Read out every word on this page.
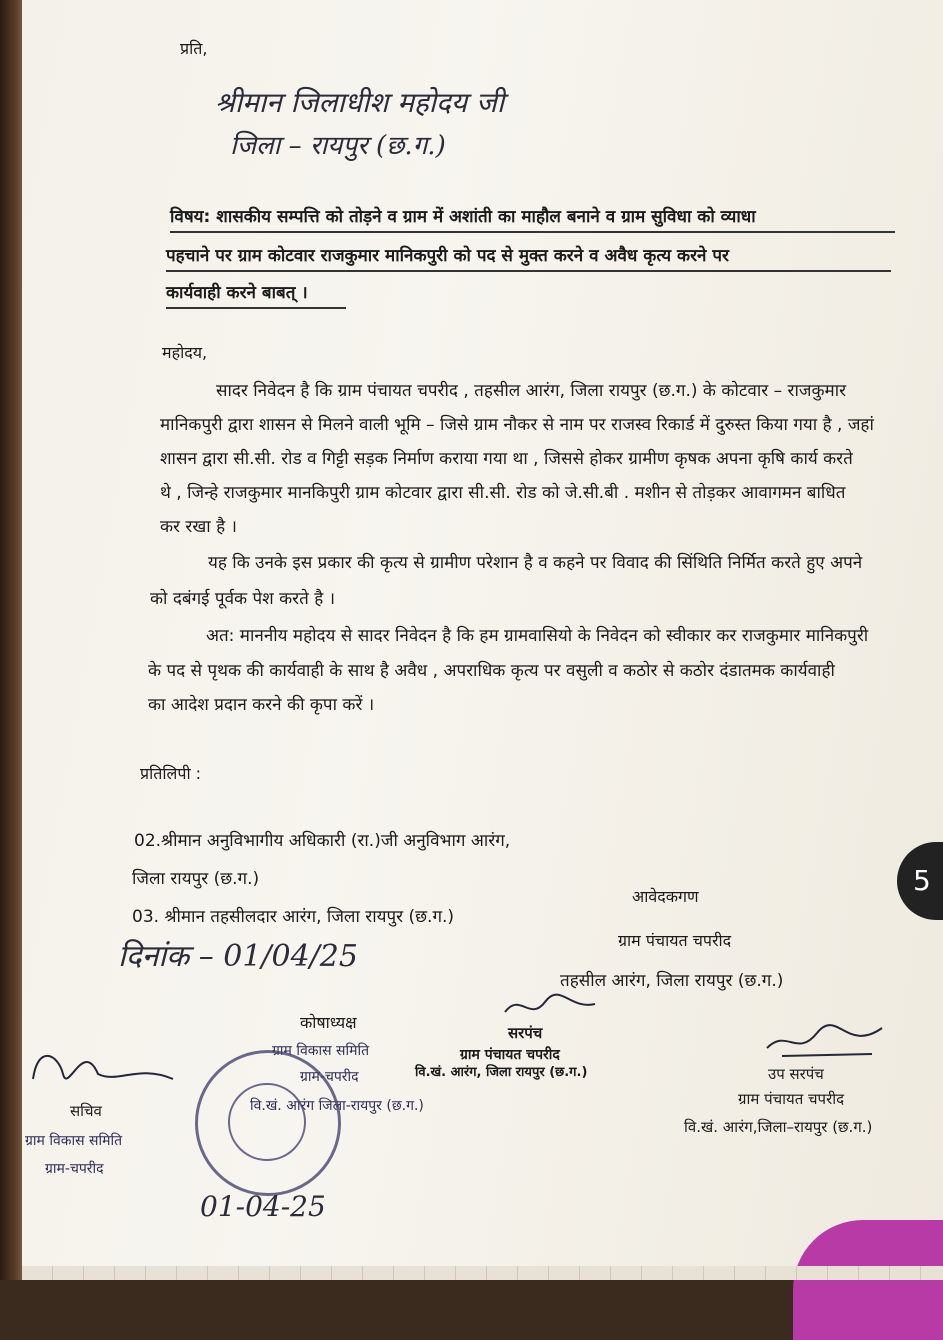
प्रति,
श्रीमान जिलाधीश महोदय जी
जिला – रायपुर (छ.ग.)
विषय: शासकीय सम्पत्ति को तोड़ने व ग्राम में अशांती का माहौल बनाने व ग्राम सुविधा को व्याधा
पहचाने पर ग्राम कोटवार राजकुमार मानिकपुरी को पद से मुक्त करने व अवैध कृत्य करने पर
कार्यवाही करने बाबत् ।
महोदय,
सादर निवेदन है कि ग्राम पंचायत चपरीद , तहसील आरंग, जिला रायपुर (छ.ग.) के कोटवार – राजकुमार
मानिकपुरी द्वारा शासन से मिलने वाली भूमि – जिसे ग्राम नौकर से नाम पर राजस्व रिकार्ड में दुरुस्त किया गया है , जहां
शासन द्वारा सी.सी. रोड व गिट्टी सड़क निर्माण कराया गया था , जिससे होकर ग्रामीण कृषक अपना कृषि कार्य करते
थे , जिन्हे राजकुमार मानकिपुरी ग्राम कोटवार द्वारा सी.सी. रोड को जे.सी.बी . मशीन से तोड़कर आवागमन बाधित
कर रखा है ।
यह कि उनके इस प्रकार की कृत्य से ग्रामीण परेशान है व कहने पर विवाद की सिंथिति निर्मित करते हुए अपने
को दबंगई पूर्वक पेश करते है ।
अत: माननीय महोदय से सादर निवेदन है कि हम ग्रामवासियो के निवेदन को स्वीकार कर राजकुमार मानिकपुरी
के पद से पृथक की कार्यवाही के साथ है अवैध , अपराधिक कृत्य पर वसुली व कठोर से कठोर दंडातमक कार्यवाही
का आदेश प्रदान करने की कृपा करें ।
प्रतिलिपी :
02.श्रीमान अनुविभागीय अधिकारी (रा.)जी अनुविभाग आरंग,
जिला रायपुर (छ.ग.)
03. श्रीमान तहसीलदार आरंग, जिला रायपुर (छ.ग.)
आवेदकगण
ग्राम पंचायत चपरीद
तहसील आरंग, जिला रायपुर (छ.ग.)
दिनांक – 01/04/25
कोषाध्यक्ष
ग्राम विकास समिति
ग्राम-चपरीद
वि.खं. आरंग जिला-रायपुर (छ.ग.)
सरपंच
ग्राम पंचायत चपरीद
वि.खं. आरंग, जिला रायपुर (छ.ग.)	उप सरपंच
ग्राम पंचायत चपरीद
वि.खं. आरंग,जिला–रायपुर (छ.ग.)
सचिव
ग्राम विकास समिति
ग्राम-चपरीद
01-04-25
5
